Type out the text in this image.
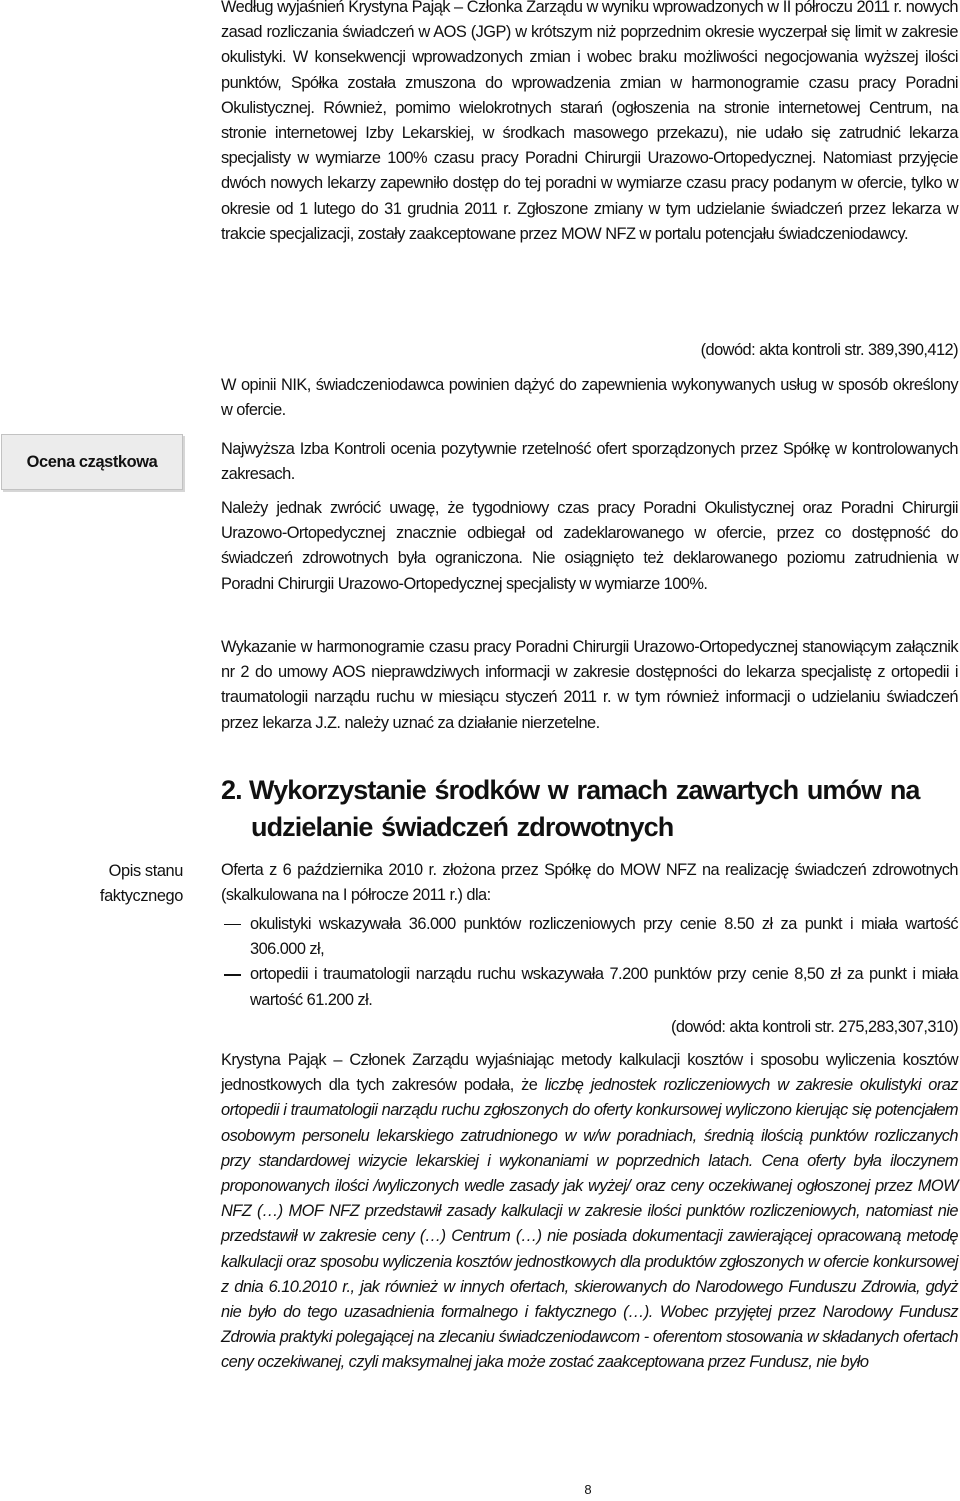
Według wyjaśnień Krystyna Pająk – Członka Zarządu w wyniku wprowadzonych w II półroczu 2011 r. nowych zasad rozliczania świadczeń w AOS (JGP) w krótszym niż poprzednim okresie wyczerpał się limit w zakresie okulistyki. W konsekwencji wprowadzonych zmian i wobec braku możliwości negocjowania wyższej ilości punktów, Spółka została zmuszona do wprowadzenia zmian w harmonogramie czasu pracy Poradni Okulistycznej. Również, pomimo wielokrotnych starań (ogłoszenia na stronie internetowej Centrum, na stronie internetowej Izby Lekarskiej, w środkach masowego przekazu), nie udało się zatrudnić lekarza specjalisty w wymiarze 100% czasu pracy Poradni Chirurgii Urazowo-Ortopedycznej. Natomiast przyjęcie dwóch nowych lekarzy zapewniło dostęp do tej poradni w wymiarze czasu pracy podanym w ofercie, tylko w okresie od 1 lutego do 31 grudnia 2011 r. Zgłoszone zmiany w tym udzielanie świadczeń przez lekarza w trakcie specjalizacji, zostały zaakceptowane przez MOW NFZ w portalu potencjału świadczeniodawcy.

(dowód: akta kontroli str. 389,390,412)

W opinii NIK, świadczeniodawca powinien dążyć do zapewnienia wykonywanych usług w sposób określony w ofercie.

Ocena cząstkowa

Najwyższa Izba Kontroli ocenia pozytywnie rzetelność ofert sporządzonych przez Spółkę w kontrolowanych zakresach.

Należy jednak zwrócić uwagę, że tygodniowy czas pracy Poradni Okulistycznej oraz Poradni Chirurgii Urazowo-Ortopedycznej znacznie odbiegał od zadeklarowanego w ofercie, przez co dostępność do świadczeń zdrowotnych była ograniczona. Nie osiągnięto też deklarowanego poziomu zatrudnienia w Poradni Chirurgii Urazowo-Ortopedycznej specjalisty w wymiarze 100%.

Wykazanie w harmonogramie czasu pracy Poradni Chirurgii Urazowo-Ortopedycznej stanowiącym załącznik nr 2 do umowy AOS nieprawdziwych informacji w zakresie dostępności do lekarza specjalistę z ortopedii i traumatologii narządu ruchu w miesiącu styczeń 2011 r. w tym również informacji o udzielaniu świadczeń przez lekarza J.Z. należy uznać za działanie nierzetelne.

2. Wykorzystanie środków w ramach zawartych umów na
udzielanie świadczeń zdrowotnych
Opis stanu
faktycznego

Oferta z 6 października 2010 r. złożona przez Spółkę do MOW NFZ na realizację świadczeń zdrowotnych (skalkulowana na I półrocze 2011 r.) dla:

okulistyki wskazywała 36.000 punktów rozliczeniowych przy cenie 8.50 zł za punkt i miała wartość 306.000 zł,
ortopedii i traumatologii narządu ruchu wskazywała 7.200 punktów przy cenie 8,50 zł za punkt i miała wartość 61.200 zł.

(dowód: akta kontroli str. 275,283,307,310)

Krystyna Pająk – Członek Zarządu wyjaśniając metody kalkulacji kosztów i sposobu wyliczenia kosztów jednostkowych dla tych zakresów podała, że liczbę jednostek rozliczeniowych w zakresie okulistyki oraz ortopedii i traumatologii narządu ruchu zgłoszonych do oferty konkursowej wyliczono kierując się potencjałem osobowym personelu lekarskiego zatrudnionego w w/w poradniach, średnią ilością punktów rozliczanych przy standardowej wizycie lekarskiej i wykonaniami w poprzednich latach. Cena oferty była iloczynem proponowanych ilości /wyliczonych wedle zasady jak wyżej/ oraz ceny oczekiwanej ogłoszonej przez MOW NFZ (…) MOF NFZ przedstawił zasady kalkulacji w zakresie ilości punktów rozliczeniowych, natomiast nie przedstawił w zakresie ceny (…) Centrum (…) nie posiada dokumentacji zawierającej opracowaną metodę kalkulacji oraz sposobu wyliczenia kosztów jednostkowych dla produktów zgłoszonych w ofercie konkursowej z dnia 6.10.2010 r., jak również w innych ofertach, skierowanych do Narodowego Funduszu Zdrowia, gdyż nie było do tego uzasadnienia formalnego i faktycznego (…). Wobec przyjętej przez Narodowy Fundusz Zdrowia praktyki polegającej na zlecaniu świadczeniodawcom - oferentom stosowania w składanych ofertach ceny oczekiwanej, czyli maksymalnej jaka może zostać zaakceptowana przez Fundusz, nie było

8
